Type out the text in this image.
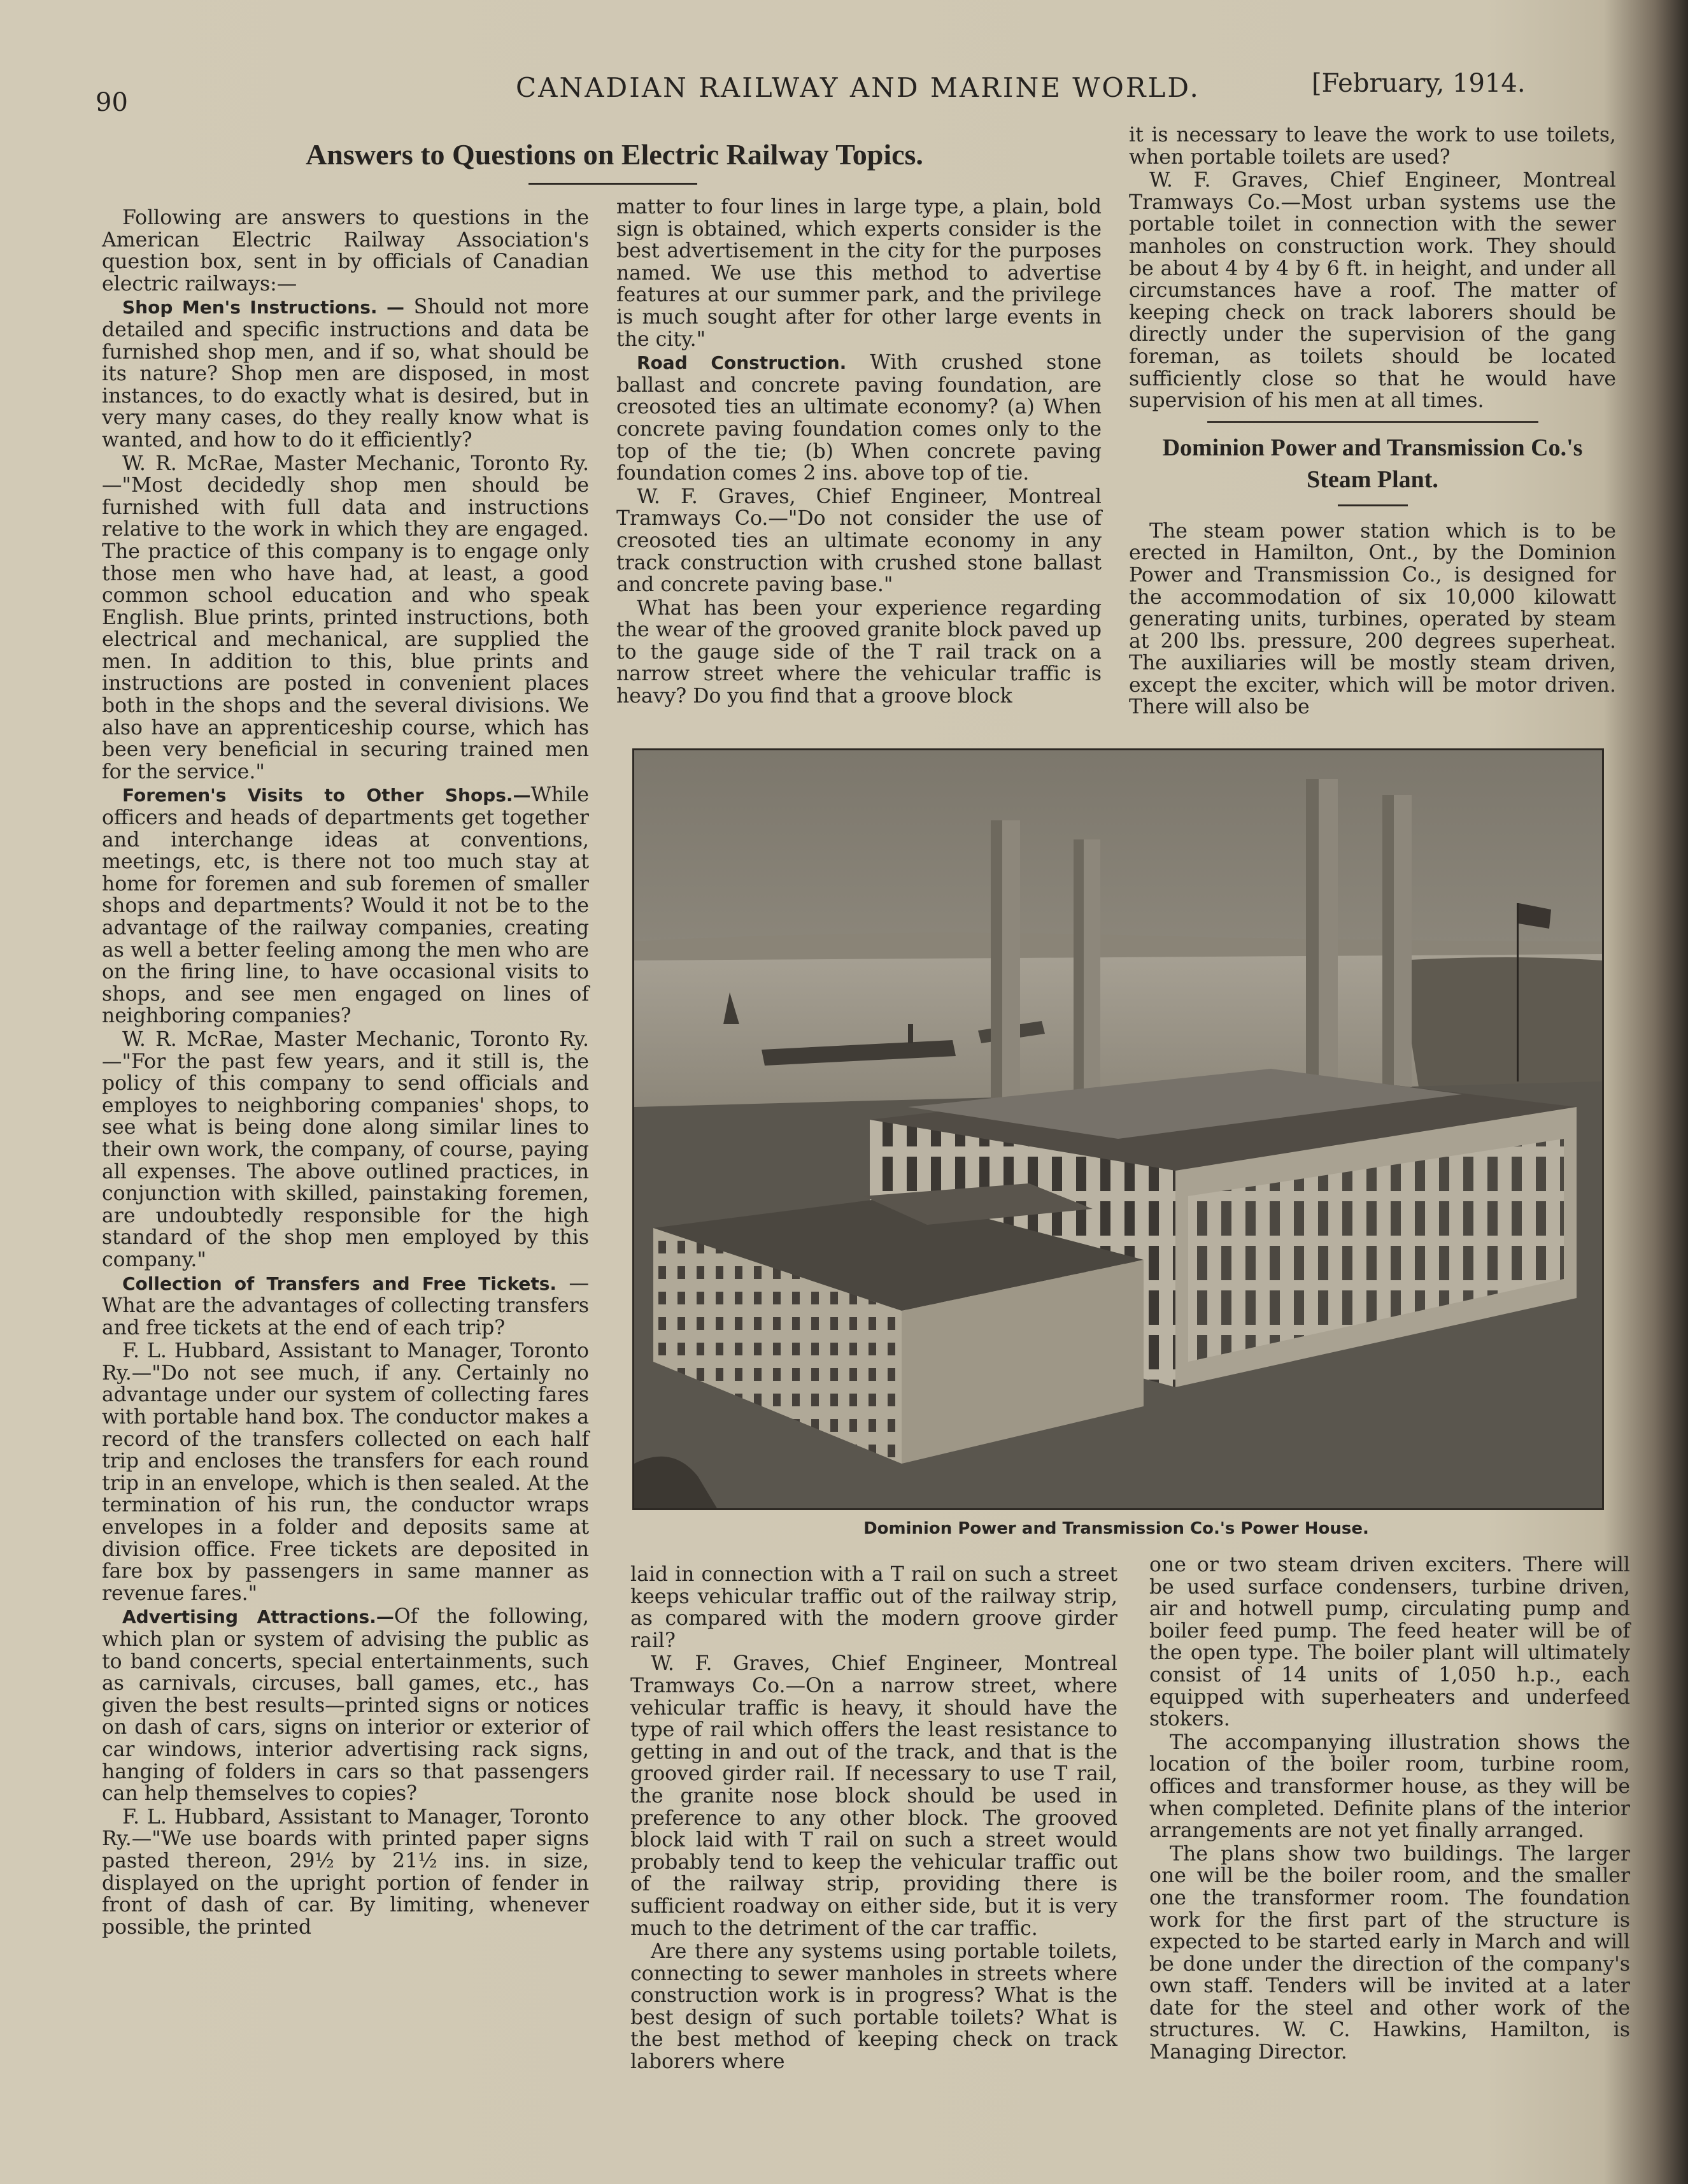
90	CANADIAN RAILWAY AND MARINE WORLD.	[February, 1914.
Answers to Questions on Electric Railway Topics.

Following are answers to questions in the American Electric Railway Association's question box, sent in by officials of Canadian electric railways:—

Shop Men's Instructions. — Should not more detailed and specific instructions and data be furnished shop men, and if so, what should be its nature? Shop men are disposed, in most instances, to do exactly what is desired, but in very many cases, do they really know what is wanted, and how to do it efficiently?

W. R. McRae, Master Mechanic, Toronto Ry.—"Most decidedly shop men should be furnished with full data and instructions relative to the work in which they are engaged. The practice of this company is to engage only those men who have had, at least, a good common school education and who speak English. Blue prints, printed instructions, both electrical and mechanical, are supplied the men. In addition to this, blue prints and instructions are posted in convenient places both in the shops and the several divisions. We also have an apprenticeship course, which has been very beneficial in securing trained men for the service."

Foremen's Visits to Other Shops.—While officers and heads of departments get together and interchange ideas at conventions, meetings, etc, is there not too much stay at home for foremen and sub foremen of smaller shops and departments? Would it not be to the advantage of the railway companies, creating as well a better feeling among the men who are on the firing line, to have occasional visits to shops, and see men engaged on lines of neighboring companies?

W. R. McRae, Master Mechanic, Toronto Ry.—"For the past few years, and it still is, the policy of this company to send officials and employes to neighboring companies' shops, to see what is being done along similar lines to their own work, the company, of course, paying all expenses. The above outlined practices, in conjunction with skilled, painstaking foremen, are undoubtedly responsible for the high standard of the shop men employed by this company."

Collection of Transfers and Free Tickets. —What are the advantages of collecting transfers and free tickets at the end of each trip?

F. L. Hubbard, Assistant to Manager, Toronto Ry.—"Do not see much, if any. Certainly no advantage under our system of collecting fares with portable hand box. The conductor makes a record of the transfers collected on each half trip and encloses the transfers for each round trip in an envelope, which is then sealed. At the termination of his run, the conductor wraps envelopes in a folder and deposits same at division office. Free tickets are deposited in fare box by passengers in same manner as revenue fares."

Advertising Attractions.—Of the following, which plan or system of advising the public as to band concerts, special entertainments, such as carnivals, circuses, ball games, etc., has given the best results—printed signs or notices on dash of cars, signs on interior or exterior of car windows, interior advertising rack signs, hanging of folders in cars so that passengers can help themselves to copies?

F. L. Hubbard, Assistant to Manager, Toronto Ry.—"We use boards with printed paper signs pasted thereon, 29½ by 21½ ins. in size, displayed on the upright portion of fender in front of dash of car. By limiting, whenever possible, the printed

matter to four lines in large type, a plain, bold sign is obtained, which experts consider is the best advertisement in the city for the purposes named. We use this method to advertise features at our summer park, and the privilege is much sought after for other large events in the city."

Road Construction. With crushed stone ballast and concrete paving foundation, are creosoted ties an ultimate economy? (a) When concrete paving foundation comes only to the top of the tie; (b) When concrete paving foundation comes 2 ins. above top of tie.

W. F. Graves, Chief Engineer, Montreal Tramways Co.—"Do not consider the use of creosoted ties an ultimate economy in any track construction with crushed stone ballast and concrete paving base."

What has been your experience regarding the wear of the grooved granite block paved up to the gauge side of the T rail track on a narrow street where the vehicular traffic is heavy? Do you find that a groove block

it is necessary to leave the work to use toilets, when portable toilets are used?

W. F. Graves, Chief Engineer, Montreal Tramways Co.—Most urban systems use the portable toilet in connection with the sewer manholes on construction work. They should be about 4 by 4 by 6 ft. in height, and under all circumstances have a roof. The matter of keeping check on track laborers should be directly under the supervision of the gang foreman, as toilets should be located sufficiently close so that he would have supervision of his men at all times.

Dominion Power and Transmission Co.'s
Steam Plant.

The steam power station which is to be erected in Hamilton, Ont., by the Dominion Power and Transmission Co., is designed for the accommodation of six 10,000 kilowatt generating units, turbines, operated by steam at 200 lbs. pressure, 200 degrees superheat. The auxiliaries will be mostly steam driven, except the exciter, which will be motor driven. There will also be

Dominion Power and Transmission Co.'s Power House.

laid in connection with a T rail on such a street keeps vehicular traffic out of the railway strip, as compared with the modern groove girder rail?

W. F. Graves, Chief Engineer, Montreal Tramways Co.—On a narrow street, where vehicular traffic is heavy, it should have the type of rail which offers the least resistance to getting in and out of the track, and that is the grooved girder rail. If necessary to use T rail, the granite nose block should be used in preference to any other block. The grooved block laid with T rail on such a street would probably tend to keep the vehicular traffic out of the railway strip, providing there is sufficient roadway on either side, but it is very much to the detriment of the car traffic.

Are there any systems using portable toilets, connecting to sewer manholes in streets where construction work is in progress? What is the best design of such portable toilets? What is the best method of keeping check on track laborers where

one or two steam driven exciters. There will be used surface condensers, turbine driven, air and hotwell pump, circulating pump and boiler feed pump. The feed heater will be of the open type. The boiler plant will ultimately consist of 14 units of 1,050 h.p., each equipped with superheaters and underfeed stokers.

The accompanying illustration shows the location of the boiler room, turbine room, offices and transformer house, as they will be when completed. Definite plans of the interior arrangements are not yet finally arranged.

The plans show two buildings. The larger one will be the boiler room, and the smaller one the transformer room. The foundation work for the first part of the structure is expected to be started early in March and will be done under the direction of the company's own staff. Tenders will be invited at a later date for the steel and other work of the structures. W. C. Hawkins, Hamilton, is Managing Director.
